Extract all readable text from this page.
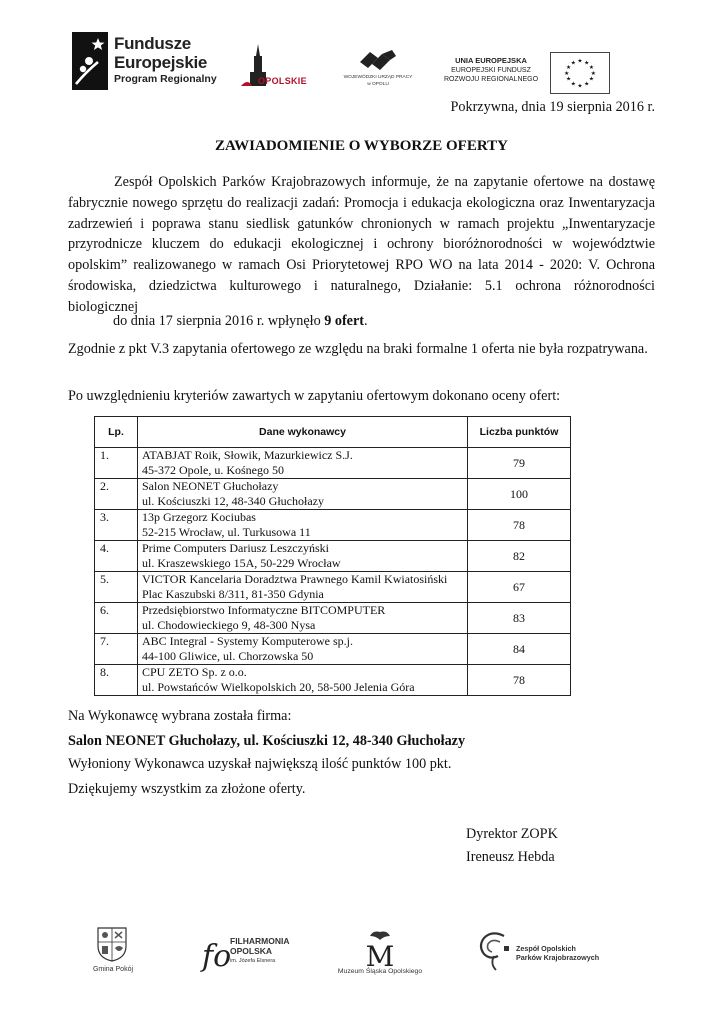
Fundusze
Europejskie
Program Regionalny	OPOLSKIE	WOJEWÓDZKI URZĄD PRACY
w OPOLU
UNIA EUROPEJSKA
EUROPEJSKI FUNDUSZ
ROZWOJU REGIONALNEGO
★ ★
★
★
★
★
★
★
★
★
★
★
Pokrzywna, dnia 19 sierpnia 2016 r.
ZAWIADOMIENIE O WYBORZE OFERTY
Zespół Opolskich Parków Krajobrazowych informuje, że na zapytanie ofertowe na dostawę fabrycznie nowego sprzętu do realizacji zadań: Promocja i edukacja ekologiczna oraz Inwentaryzacja zadrzewień i poprawa stanu siedlisk gatunków chronionych w ramach projektu „Inwentaryzacje przyrodnicze kluczem do edukacji ekologicznej i ochrony bioróżnorodności w województwie opolskim” realizowanego w ramach Osi Priorytetowej RPO WO na lata 2014 - 2020: V. Ochrona środowiska, dziedzictwa kulturowego i naturalnego, Działanie: 5.1 ochrona różnorodności biologicznej
do dnia 17 sierpnia 2016 r. wpłynęło 9 ofert.
Zgodnie z pkt V.3 zapytania ofertowego ze względu na braki formalne 1 oferta nie była rozpatrywana.
Po uwzględnieniu kryteriów zawartych w zapytaniu ofertowym dokonano oceny ofert:
Lp.	Dane wykonawcy	Liczba punktów
1.	ATABJAT Roik, Słowik, Mazurkiewicz S.J.
45-372 Opole, u. Kośnego 50	79
2.	Salon NEONET Głuchołazy
ul. Kościuszki 12, 48-340 Głuchołazy	100
3.	13p Grzegorz Kociubas
52-215 Wrocław, ul. Turkusowa 11	78
4.	Prime Computers Dariusz Leszczyński
ul. Kraszewskiego 15A, 50-229 Wrocław	82
5.	VICTOR Kancelaria Doradztwa Prawnego Kamil Kwiatosiński
Plac Kaszubski 8/311, 81-350 Gdynia	67
6.	Przedsiębiorstwo Informatyczne BITCOMPUTER
ul. Chodowieckiego 9, 48-300 Nysa	83
7.	ABC Integral - Systemy Komputerowe sp.j.
44-100 Gliwice, ul. Chorzowska 50	84
8.	CPU ZETO Sp. z o.o.
ul. Powstańców Wielkopolskich 20, 58-500 Jelenia Góra	78
Na Wykonawcę wybrana została firma:
Salon NEONET Głuchołazy, ul. Kościuszki 12, 48-340 Głuchołazy
Wyłoniony Wykonawca uzyskał największą ilość punktów 100 pkt.
Dziękujemy wszystkim za złożone oferty.
Dyrektor ZOPK
Ireneusz Hebda
Gmina Pokój fo
FILHARMONIA
OPOLSKA
im. Józefa Elsnera	M
Muzeum Śląska Opolskiego
Zespół Opolskich
Parków Krajobrazowych
